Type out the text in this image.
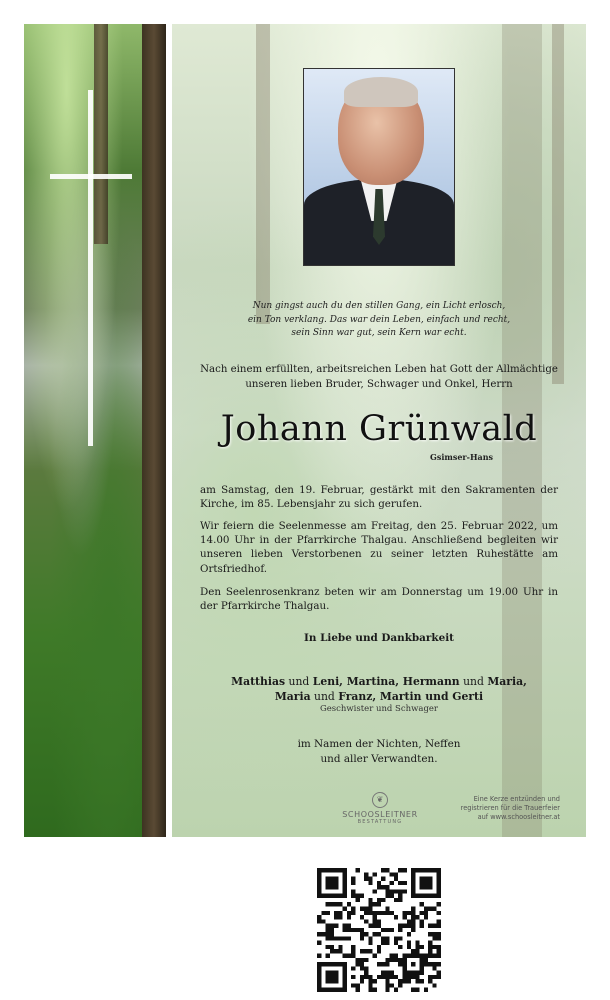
Nun gingst auch du den stillen Gang, ein Licht erlosch,
ein Ton verklang. Das war dein Leben, einfach und recht,
sein Sinn war gut, sein Kern war echt.
Nach einem erfüllten, arbeitsreichen Leben hat Gott der Allmächtige
unseren lieben Bruder, Schwager und Onkel, Herrn
Johann Grünwald
Gsimser-Hans
am Samstag, den 19. Februar, gestärkt mit den Sakramenten der Kirche, im 85. Lebensjahr zu sich gerufen.
Wir feiern die Seelenmesse am Freitag, den 25. Februar 2022, um 14.00 Uhr in der Pfarrkirche Thalgau. Anschließend begleiten wir unseren lieben Verstorbenen zu seiner letzten Ruhestätte am Ortsfriedhof.
Den Seelenrosenkranz beten wir am Donnerstag um 19.00 Uhr in der Pfarrkirche Thalgau.
In Liebe und Dankbarkeit
Matthias und Leni, Martina, Hermann und Maria,
Maria und Franz, Martin und Gerti
Geschwister und Schwager
im Namen der Nichten, Neffen
und aller Verwandten.
❦
SCHOOSLEITNER
BESTATTUNG
Eine Kerze entzünden und
registrieren für die Trauerfeier
auf www.schoosleitner.at
